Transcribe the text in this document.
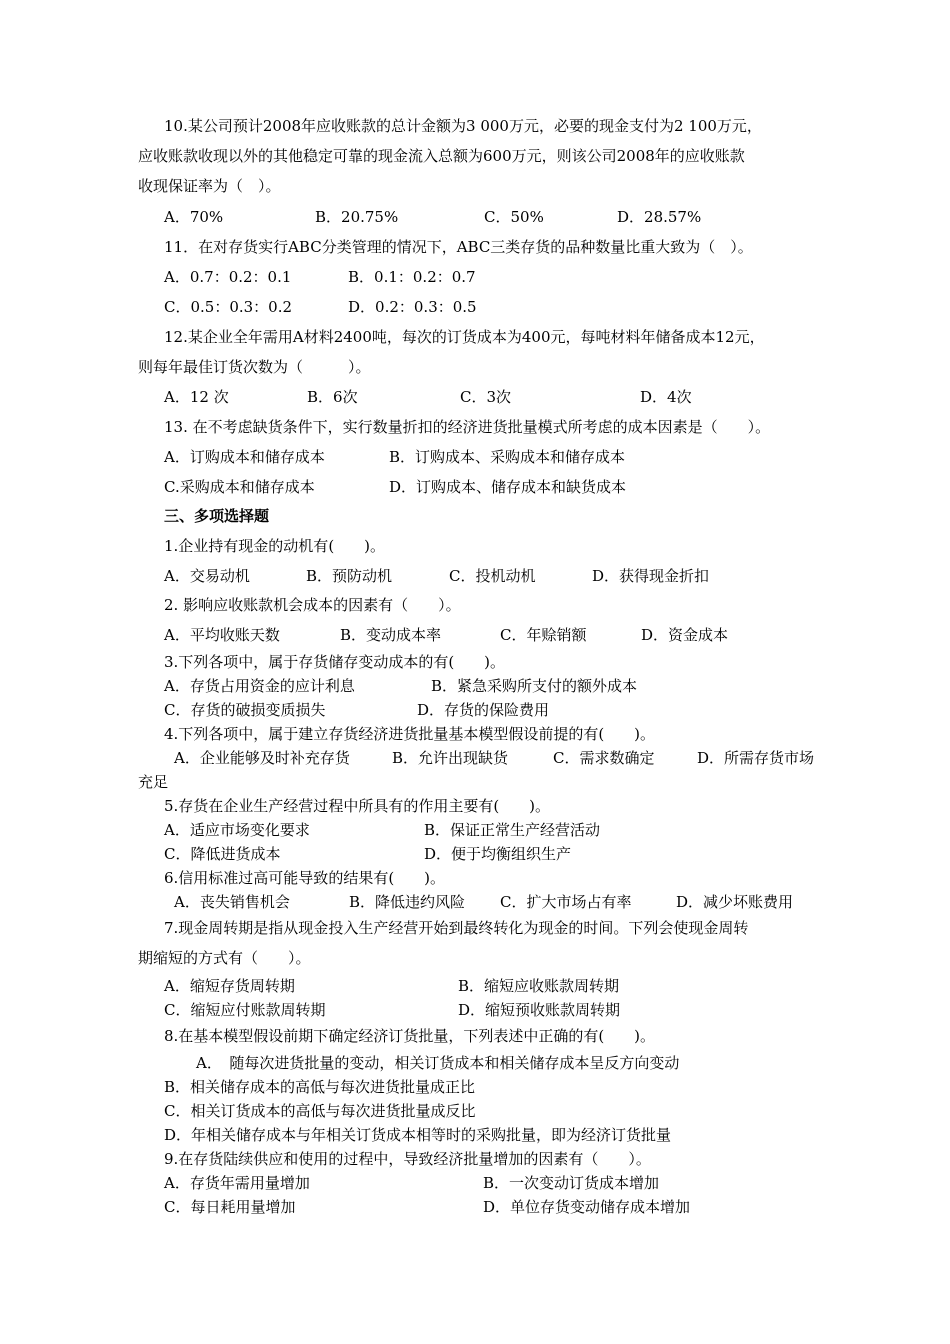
10.某公司预计2008年应收账款的总计金额为3 000万元，必要的现金支付为2 100万元，
应收账款收现以外的其他稳定可靠的现金流入总额为600万元，则该公司2008年的应收账款
收现保证率为（　）。
A．70%	B．20.75%	C．50%	D．28.57%
11．在对存货实行ABC分类管理的情况下，ABC三类存货的品种数量比重大致为（　）。
A．0.7：0.2：0.1	B．0.1：0.2：0.7
C．0.5：0.3：0.2	D．0.2：0.3：0.5
12.某企业全年需用A材料2400吨，每次的订货成本为400元，每吨材料年储备成本12元，
则每年最佳订货次数为（　　　）。
A．12 次	B．6次	C．3次	D．4次
13. 在不考虑缺货条件下，实行数量折扣的经济进货批量模式所考虑的成本因素是（　　）。
A．订购成本和储存成本	B．订购成本、采购成本和储存成本
C.采购成本和储存成本	D．订购成本、储存成本和缺货成本
三、多项选择题
1.企业持有现金的动机有(　　)。
A．交易动机	B．预防动机	C．投机动机	D．获得现金折扣
2. 影响应收账款机会成本的因素有（　　）。
A．平均收账天数	B．变动成本率	C．年赊销额	D．资金成本
3.下列各项中，属于存货储存变动成本的有(　　)。
A．存货占用资金的应计利息	B．紧急采购所支付的额外成本
C．存货的破损变质损失	D．存货的保险费用
4.下列各项中，属于建立存货经济进货批量基本模型假设前提的有(　　)。
A．企业能够及时补充存货	B．允许出现缺货	C．需求数确定	D．所需存货市场
充足
5.存货在企业生产经营过程中所具有的作用主要有(　　)。
A．适应市场变化要求	B．保证正常生产经营活动
C．降低进货成本	D．便于均衡组织生产
6.信用标准过高可能导致的结果有(　　)。
A．丧失销售机会	B．降低违约风险 C．扩大市场占有率	D．减少坏账费用
7.现金周转期是指从现金投入生产经营开始到最终转化为现金的时间。下列会使现金周转
期缩短的方式有（　　）。
A．缩短存货周转期	B．缩短应收账款周转期
C．缩短应付账款周转期	D．缩短预收账款周转期
8.在基本模型假设前期下确定经济订货批量，下列表述中正确的有(　　)。
A．　随每次进货批量的变动，相关订货成本和相关储存成本呈反方向变动
B．相关储存成本的高低与每次进货批量成正比
C．相关订货成本的高低与每次进货批量成反比
D．年相关储存成本与年相关订货成本相等时的采购批量，即为经济订货批量
9.在存货陆续供应和使用的过程中，导致经济批量增加的因素有（　　）。
A．存货年需用量增加	B．一次变动订货成本增加
C．每日耗用量增加	D．单位存货变动储存成本增加
